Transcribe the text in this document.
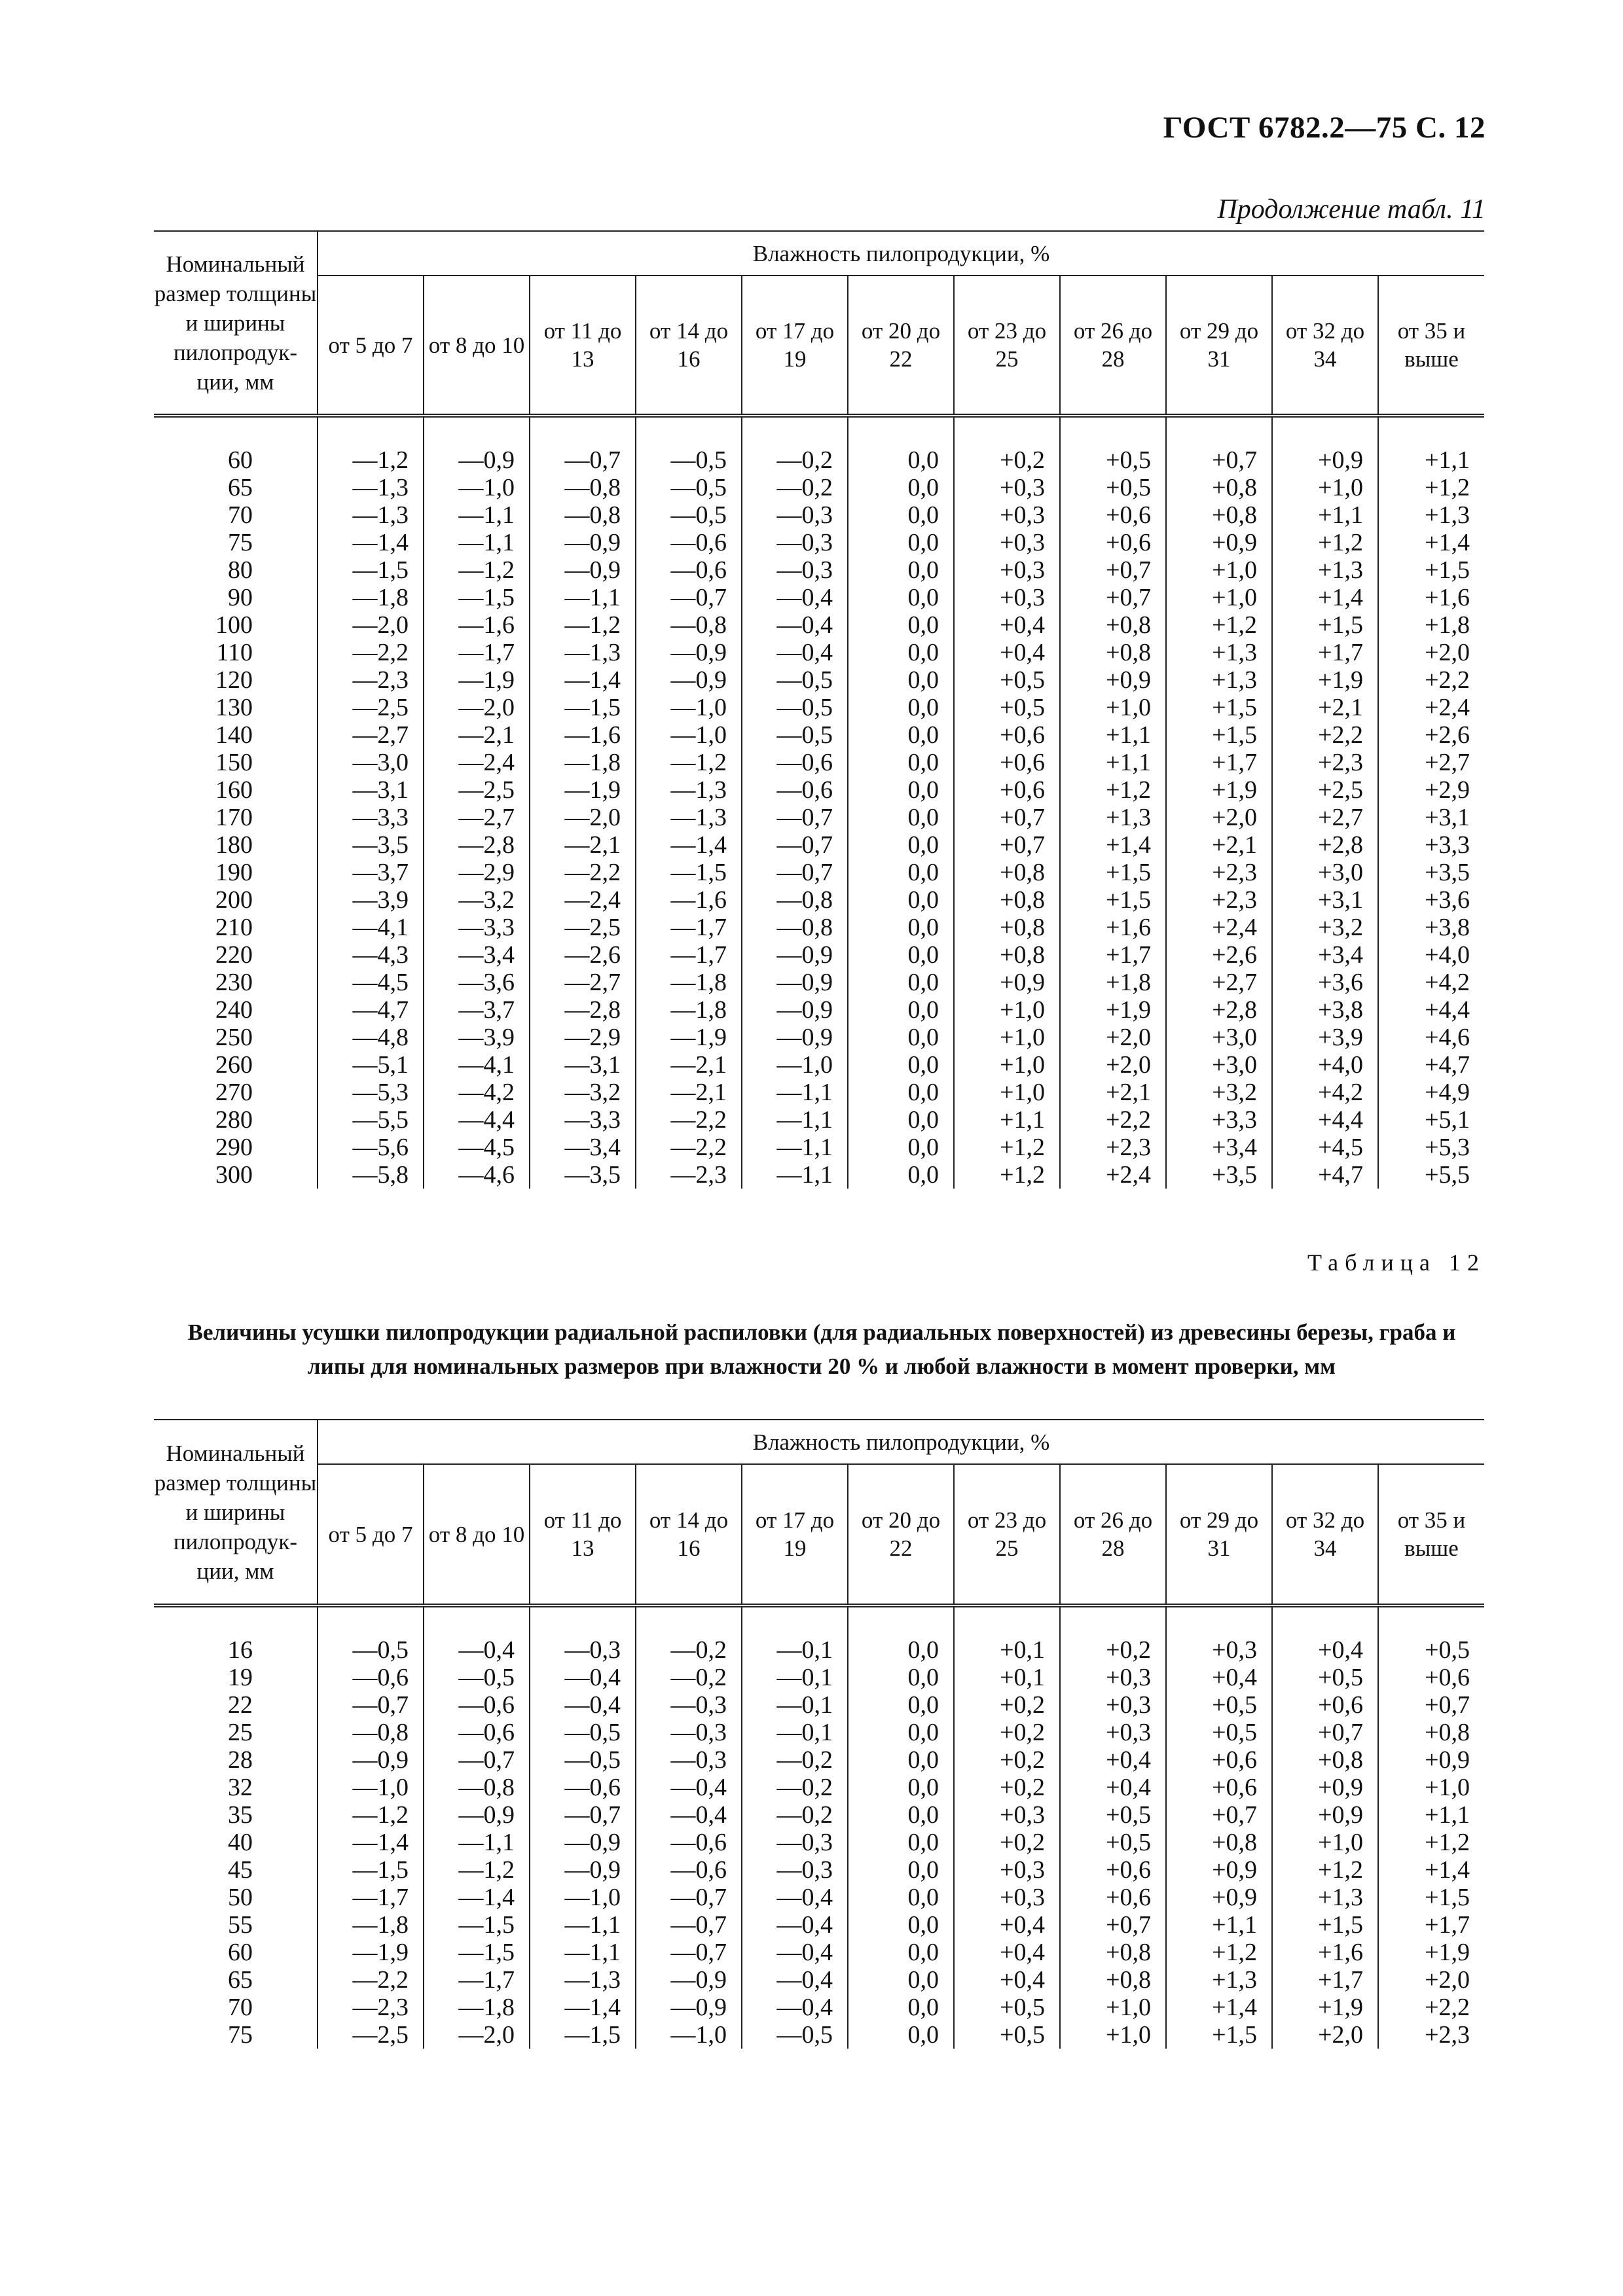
ГОСТ 6782.2—75 С. 12
Продолжение табл. 11
Номинальный размер толщины и ширины пилопродук-ции, мм	Влажность пилопродукции, %										
	от 5 до 7	от 8 до 10	от 11 до 13	от 14 до 16	от 17 до 19	от 20 до 22	от 23 до 25	от 26 до 28	от 29 до 31	от 32 до 34	от 35 и выше
60	—1,2	—0,9	—0,7	—0,5	—0,2	0,0	+0,2	+0,5	+0,7	+0,9	+1,1
65	—1,3	—1,0	—0,8	—0,5	—0,2	0,0	+0,3	+0,5	+0,8	+1,0	+1,2
70	—1,3	—1,1	—0,8	—0,5	—0,3	0,0	+0,3	+0,6	+0,8	+1,1	+1,3
75	—1,4	—1,1	—0,9	—0,6	—0,3	0,0	+0,3	+0,6	+0,9	+1,2	+1,4
80	—1,5	—1,2	—0,9	—0,6	—0,3	0,0	+0,3	+0,7	+1,0	+1,3	+1,5
90	—1,8	—1,5	—1,1	—0,7	—0,4	0,0	+0,3	+0,7	+1,0	+1,4	+1,6
100	—2,0	—1,6	—1,2	—0,8	—0,4	0,0	+0,4	+0,8	+1,2	+1,5	+1,8
110	—2,2	—1,7	—1,3	—0,9	—0,4	0,0	+0,4	+0,8	+1,3	+1,7	+2,0
120	—2,3	—1,9	—1,4	—0,9	—0,5	0,0	+0,5	+0,9	+1,3	+1,9	+2,2
130	—2,5	—2,0	—1,5	—1,0	—0,5	0,0	+0,5	+1,0	+1,5	+2,1	+2,4
140	—2,7	—2,1	—1,6	—1,0	—0,5	0,0	+0,6	+1,1	+1,5	+2,2	+2,6
150	—3,0	—2,4	—1,8	—1,2	—0,6	0,0	+0,6	+1,1	+1,7	+2,3	+2,7
160	—3,1	—2,5	—1,9	—1,3	—0,6	0,0	+0,6	+1,2	+1,9	+2,5	+2,9
170	—3,3	—2,7	—2,0	—1,3	—0,7	0,0	+0,7	+1,3	+2,0	+2,7	+3,1
180	—3,5	—2,8	—2,1	—1,4	—0,7	0,0	+0,7	+1,4	+2,1	+2,8	+3,3
190	—3,7	—2,9	—2,2	—1,5	—0,7	0,0	+0,8	+1,5	+2,3	+3,0	+3,5
200	—3,9	—3,2	—2,4	—1,6	—0,8	0,0	+0,8	+1,5	+2,3	+3,1	+3,6
210	—4,1	—3,3	—2,5	—1,7	—0,8	0,0	+0,8	+1,6	+2,4	+3,2	+3,8
220	—4,3	—3,4	—2,6	—1,7	—0,9	0,0	+0,8	+1,7	+2,6	+3,4	+4,0
230	—4,5	—3,6	—2,7	—1,8	—0,9	0,0	+0,9	+1,8	+2,7	+3,6	+4,2
240	—4,7	—3,7	—2,8	—1,8	—0,9	0,0	+1,0	+1,9	+2,8	+3,8	+4,4
250	—4,8	—3,9	—2,9	—1,9	—0,9	0,0	+1,0	+2,0	+3,0	+3,9	+4,6
260	—5,1	—4,1	—3,1	—2,1	—1,0	0,0	+1,0	+2,0	+3,0	+4,0	+4,7
270	—5,3	—4,2	—3,2	—2,1	—1,1	0,0	+1,0	+2,1	+3,2	+4,2	+4,9
280	—5,5	—4,4	—3,3	—2,2	—1,1	0,0	+1,1	+2,2	+3,3	+4,4	+5,1
290	—5,6	—4,5	—3,4	—2,2	—1,1	0,0	+1,2	+2,3	+3,4	+4,5	+5,3
300	—5,8	—4,6	—3,5	—2,3	—1,1	0,0	+1,2	+2,4	+3,5	+4,7	+5,5
Таблица 12
Величины усушки пилопродукции радиальной распиловки (для радиальных поверхностей) из древесины березы, граба и липы для номинальных размеров при влажности 20 % и любой влажности в момент проверки, мм
Номинальный размер толщины и ширины пилопродук-ции, мм	Влажность пилопродукции, %										
	от 5 до 7	от 8 до 10	от 11 до 13	от 14 до 16	от 17 до 19	от 20 до 22	от 23 до 25	от 26 до 28	от 29 до 31	от 32 до 34	от 35 и выше
16	—0,5	—0,4	—0,3	—0,2	—0,1	0,0	+0,1	+0,2	+0,3	+0,4	+0,5
19	—0,6	—0,5	—0,4	—0,2	—0,1	0,0	+0,1	+0,3	+0,4	+0,5	+0,6
22	—0,7	—0,6	—0,4	—0,3	—0,1	0,0	+0,2	+0,3	+0,5	+0,6	+0,7
25	—0,8	—0,6	—0,5	—0,3	—0,1	0,0	+0,2	+0,3	+0,5	+0,7	+0,8
28	—0,9	—0,7	—0,5	—0,3	—0,2	0,0	+0,2	+0,4	+0,6	+0,8	+0,9
32	—1,0	—0,8	—0,6	—0,4	—0,2	0,0	+0,2	+0,4	+0,6	+0,9	+1,0
35	—1,2	—0,9	—0,7	—0,4	—0,2	0,0	+0,3	+0,5	+0,7	+0,9	+1,1
40	—1,4	—1,1	—0,9	—0,6	—0,3	0,0	+0,2	+0,5	+0,8	+1,0	+1,2
45	—1,5	—1,2	—0,9	—0,6	—0,3	0,0	+0,3	+0,6	+0,9	+1,2	+1,4
50	—1,7	—1,4	—1,0	—0,7	—0,4	0,0	+0,3	+0,6	+0,9	+1,3	+1,5
55	—1,8	—1,5	—1,1	—0,7	—0,4	0,0	+0,4	+0,7	+1,1	+1,5	+1,7
60	—1,9	—1,5	—1,1	—0,7	—0,4	0,0	+0,4	+0,8	+1,2	+1,6	+1,9
65	—2,2	—1,7	—1,3	—0,9	—0,4	0,0	+0,4	+0,8	+1,3	+1,7	+2,0
70	—2,3	—1,8	—1,4	—0,9	—0,4	0,0	+0,5	+1,0	+1,4	+1,9	+2,2
75	—2,5	—2,0	—1,5	—1,0	—0,5	0,0	+0,5	+1,0	+1,5	+2,0	+2,3
